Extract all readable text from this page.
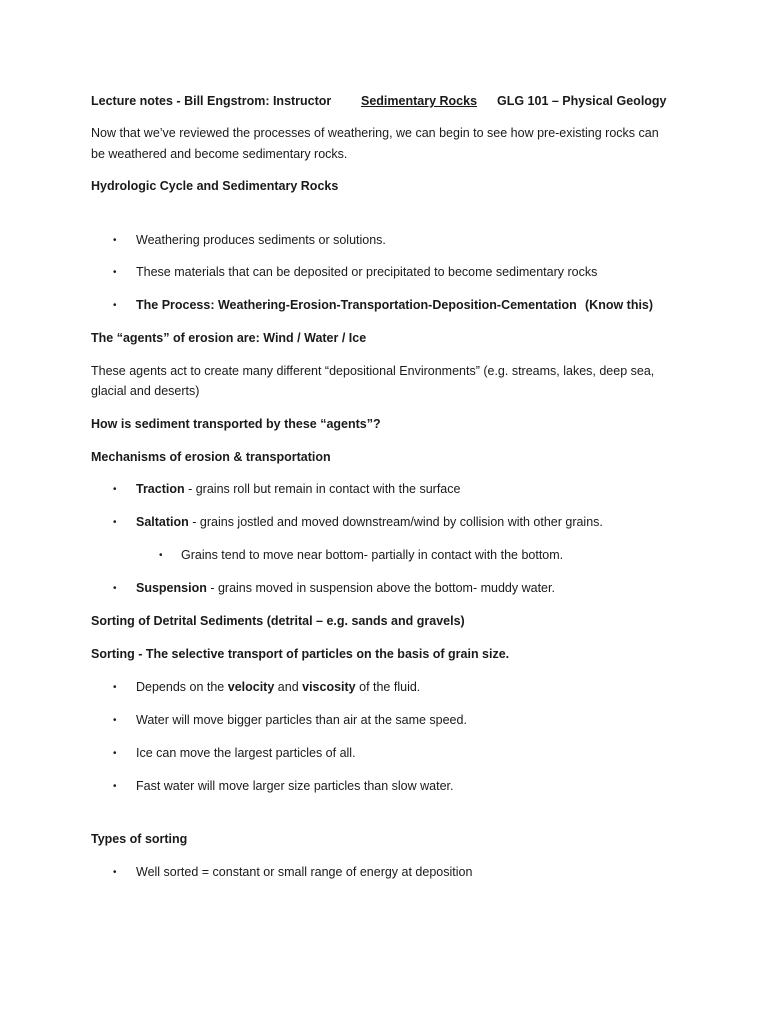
Lecture notes - Bill Engstrom: Instructor Sedimentary Rocks GLG 101 – Physical Geology
Now that we’ve reviewed the processes of weathering, we can begin to see how pre-existing rocks can
be weathered and become sedimentary rocks.
Hydrologic Cycle and Sedimentary Rocks
• Weathering produces sediments or solutions.
• These materials that can be deposited or precipitated to become sedimentary rocks
• The Process: Weathering-Erosion-Transportation-Deposition-Cementation (Know this)
The “agents” of erosion are: Wind / Water / Ice
These agents act to create many different “depositional Environments” (e.g. streams, lakes, deep sea,
glacial and deserts)
How is sediment transported by these “agents”?
Mechanisms of erosion & transportation
• Traction - grains roll but remain in contact with the surface
• Saltation - grains jostled and moved downstream/wind by collision with other grains.
• Grains tend to move near bottom- partially in contact with the bottom.
• Suspension - grains moved in suspension above the bottom- muddy water.
Sorting of Detrital Sediments (detrital – e.g. sands and gravels)
Sorting - The selective transport of particles on the basis of grain size.
• Depends on the velocity and viscosity of the fluid.
• Water will move bigger particles than air at the same speed.
• Ice can move the largest particles of all.
• Fast water will move larger size particles than slow water.
Types of sorting
• Well sorted = constant or small range of energy at deposition
